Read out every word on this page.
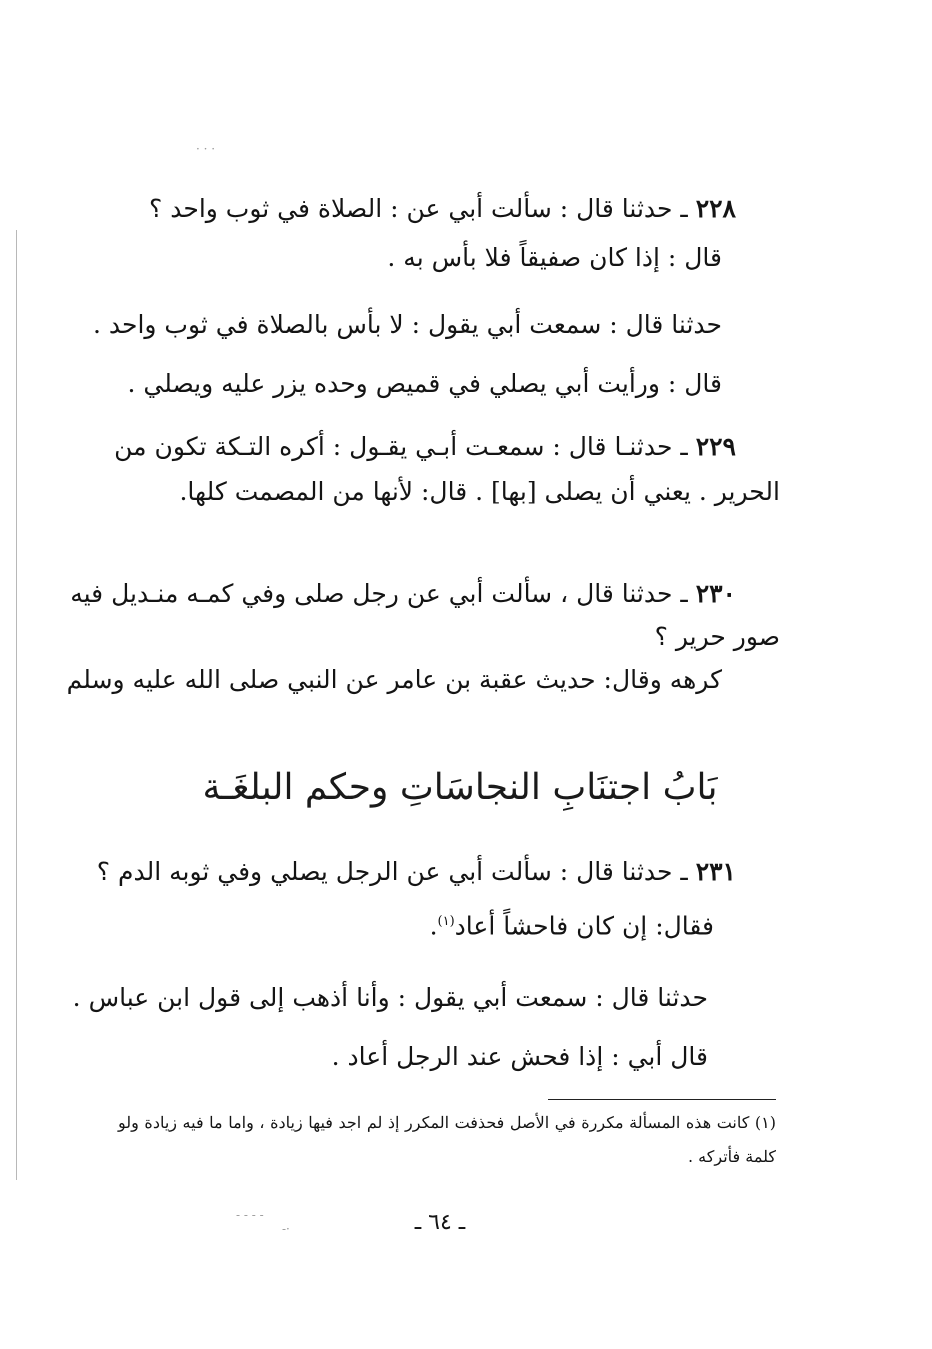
· · ·
‑ ‑ ‑ ‑
‑·
٢٢٨ ـ حدثنا قال : سألت أبي عن : الصلاة في ثوب واحد ؟
قال : إذا كان صفيقاً فلا بأس به .
حدثنا قال : سمعت أبي يقول : لا بأس بالصلاة في ثوب واحد .
قال : ورأيت أبي يصلي في قميص وحده يزر عليه ويصلي .
٢٢٩ ـ حدثنـا قال : سمعـت أبـي يقـول : أكره التـكة تكون من
الحرير . يعني أن يصلى [بها] . قال: لأنها من المصمت كلها.
٢٣٠ ـ حدثنا قال ، سألت أبي عن رجل صلى وفي كمـه منـديل فيه
صور حرير ؟
كرهه وقال: حديث عقبة بن عامر عن النبي صلى الله عليه وسلم
بَابُ اجتنَابِ النجاسَاتِ وحكم البلغَـة
٢٣١ ـ حدثنا قال : سألت أبي عن الرجل يصلي وفي ثوبه الدم ؟
فقال: إن كان فاحشاً أعاد$^{(١)}$.
حدثنا قال : سمعت أبي يقول : وأنا أذهب إلى قول ابن عباس .
قال أبي : إذا فحش عند الرجل أعاد .
(١) كانت هذه المسألة مكررة في الأصل فحذفت المكرر إذ لم اجد فيها زيادة ، واما ما فيه زيادة ولو
كلمة فأتركه .
ـ ٦٤ ـ
